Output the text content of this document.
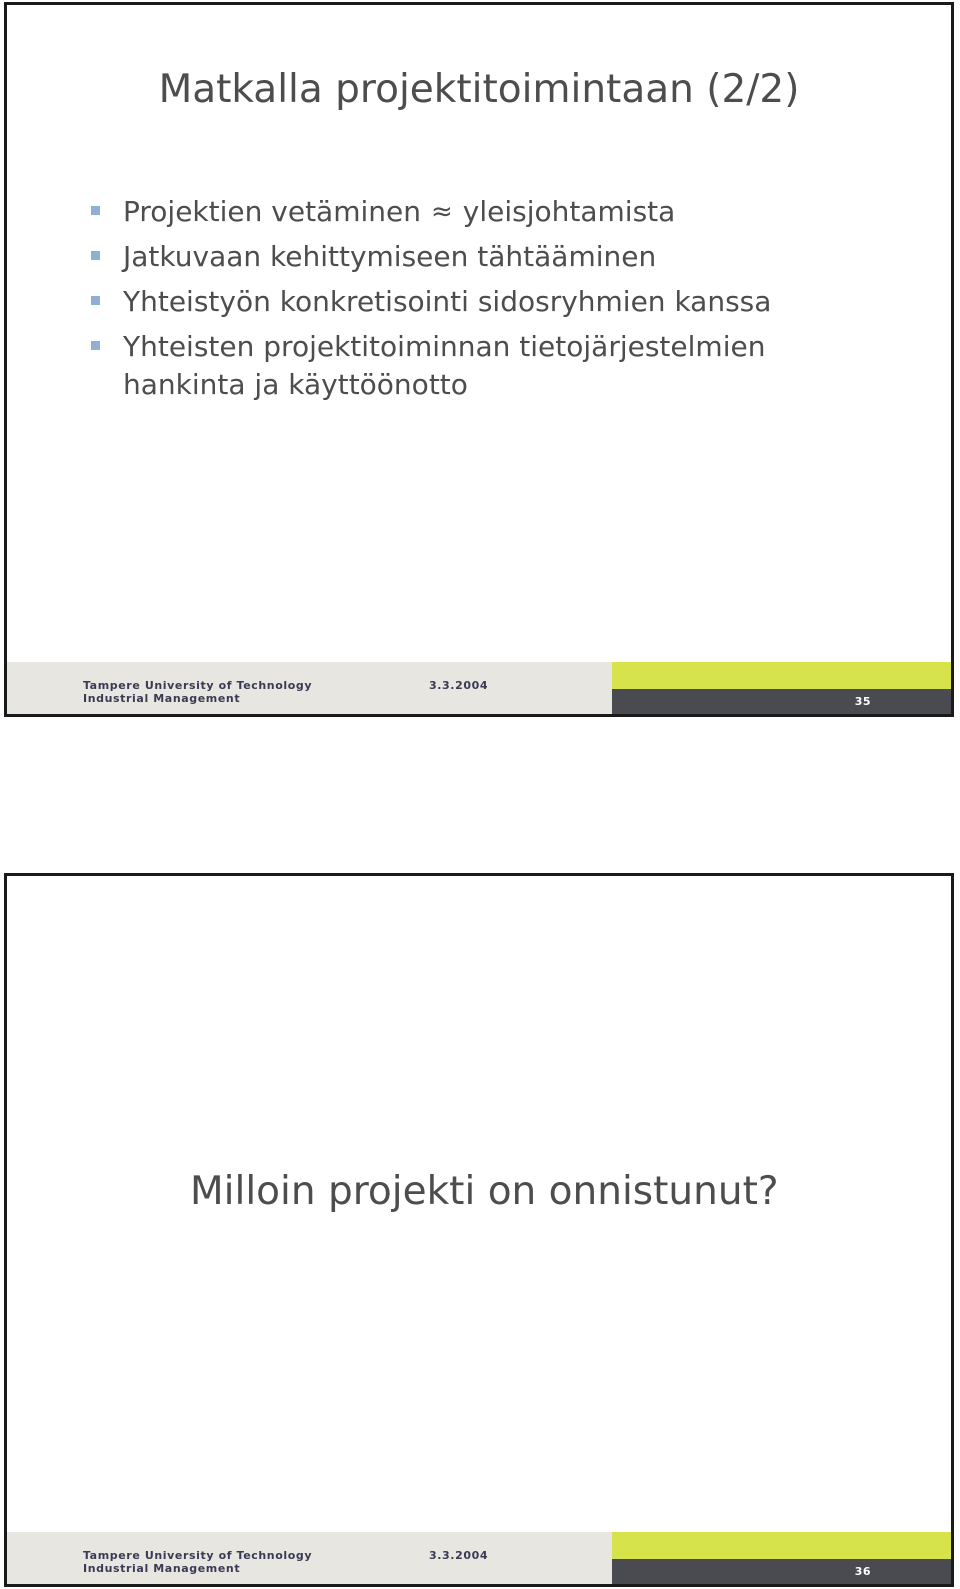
Matkalla projektitoimintaan (2/2)
Projektien vetäminen ≈ yleisjohtamista
Jatkuvaan kehittymiseen tähtääminen
Yhteistyön konkretisointi sidosryhmien kanssa
Yhteisten projektitoiminnan tietojärjestelmien
hankinta ja käyttöönotto
Tampere University of Technology
Industrial Management
3.3.2004
35
Milloin projekti on onnistunut?
Tampere University of Technology
Industrial Management
3.3.2004
36
